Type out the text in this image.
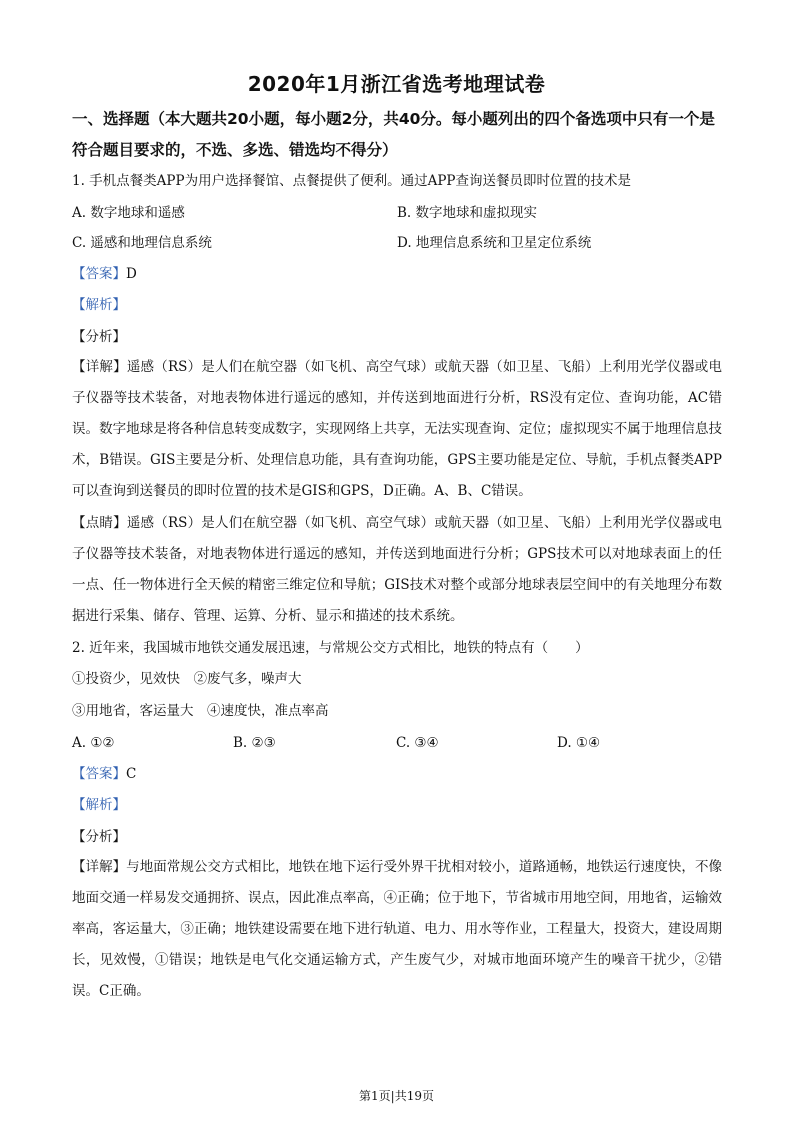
2020年1月浙江省选考地理试卷
一、选择题（本大题共20小题，每小题2分，共40分。每小题列出的四个备选项中只有一个是符合题目要求的，不选、多选、错选均不得分）
1. 手机点餐类APP为用户选择餐馆、点餐提供了便利。通过APP查询送餐员即时位置的技术是
A. 数字地球和遥感	B. 数字地球和虚拟现实
C. 遥感和地理信息系统	D. 地理信息系统和卫星定位系统
【答案】D
【解析】
【分析】
【详解】遥感（RS）是人们在航空器（如飞机、高空气球）或航天器（如卫星、飞船）上利用光学仪器或电子仪器等技术装备，对地表物体进行遥远的感知，并传送到地面进行分析，RS没有定位、查询功能，AC错误。数字地球是将各种信息转变成数字，实现网络上共享，无法实现查询、定位；虚拟现实不属于地理信息技术，B错误。GIS主要是分析、处理信息功能，具有查询功能，GPS主要功能是定位、导航，手机点餐类APP可以查询到送餐员的即时位置的技术是GIS和GPS，D正确。A、B、C错误。
【点睛】遥感（RS）是人们在航空器（如飞机、高空气球）或航天器（如卫星、飞船）上利用光学仪器或电子仪器等技术装备，对地表物体进行遥远的感知，并传送到地面进行分析；GPS技术可以对地球表面上的任一点、任一物体进行全天候的精密三维定位和导航；GIS技术对整个或部分地球表层空间中的有关地理分布数据进行采集、储存、管理、运算、分析、显示和描述的技术系统。
2. 近年来，我国城市地铁交通发展迅速，与常规公交方式相比，地铁的特点有（　　）
①投资少，见效快　②废气多，噪声大
③用地省，客运量大　④速度快，准点率高
A. ①②	B. ②③	C. ③④	D. ①④
【答案】C
【解析】
【分析】
【详解】与地面常规公交方式相比，地铁在地下运行受外界干扰相对较小，道路通畅，地铁运行速度快，不像地面交通一样易发交通拥挤、误点，因此准点率高，④正确；位于地下，节省城市用地空间，用地省，运输效率高，客运量大，③正确；地铁建设需要在地下进行轨道、电力、用水等作业，工程量大，投资大，建设周期长，见效慢，①错误；地铁是电气化交通运输方式，产生废气少，对城市地面环境产生的噪音干扰少，②错误。C正确。
第1页|共19页
